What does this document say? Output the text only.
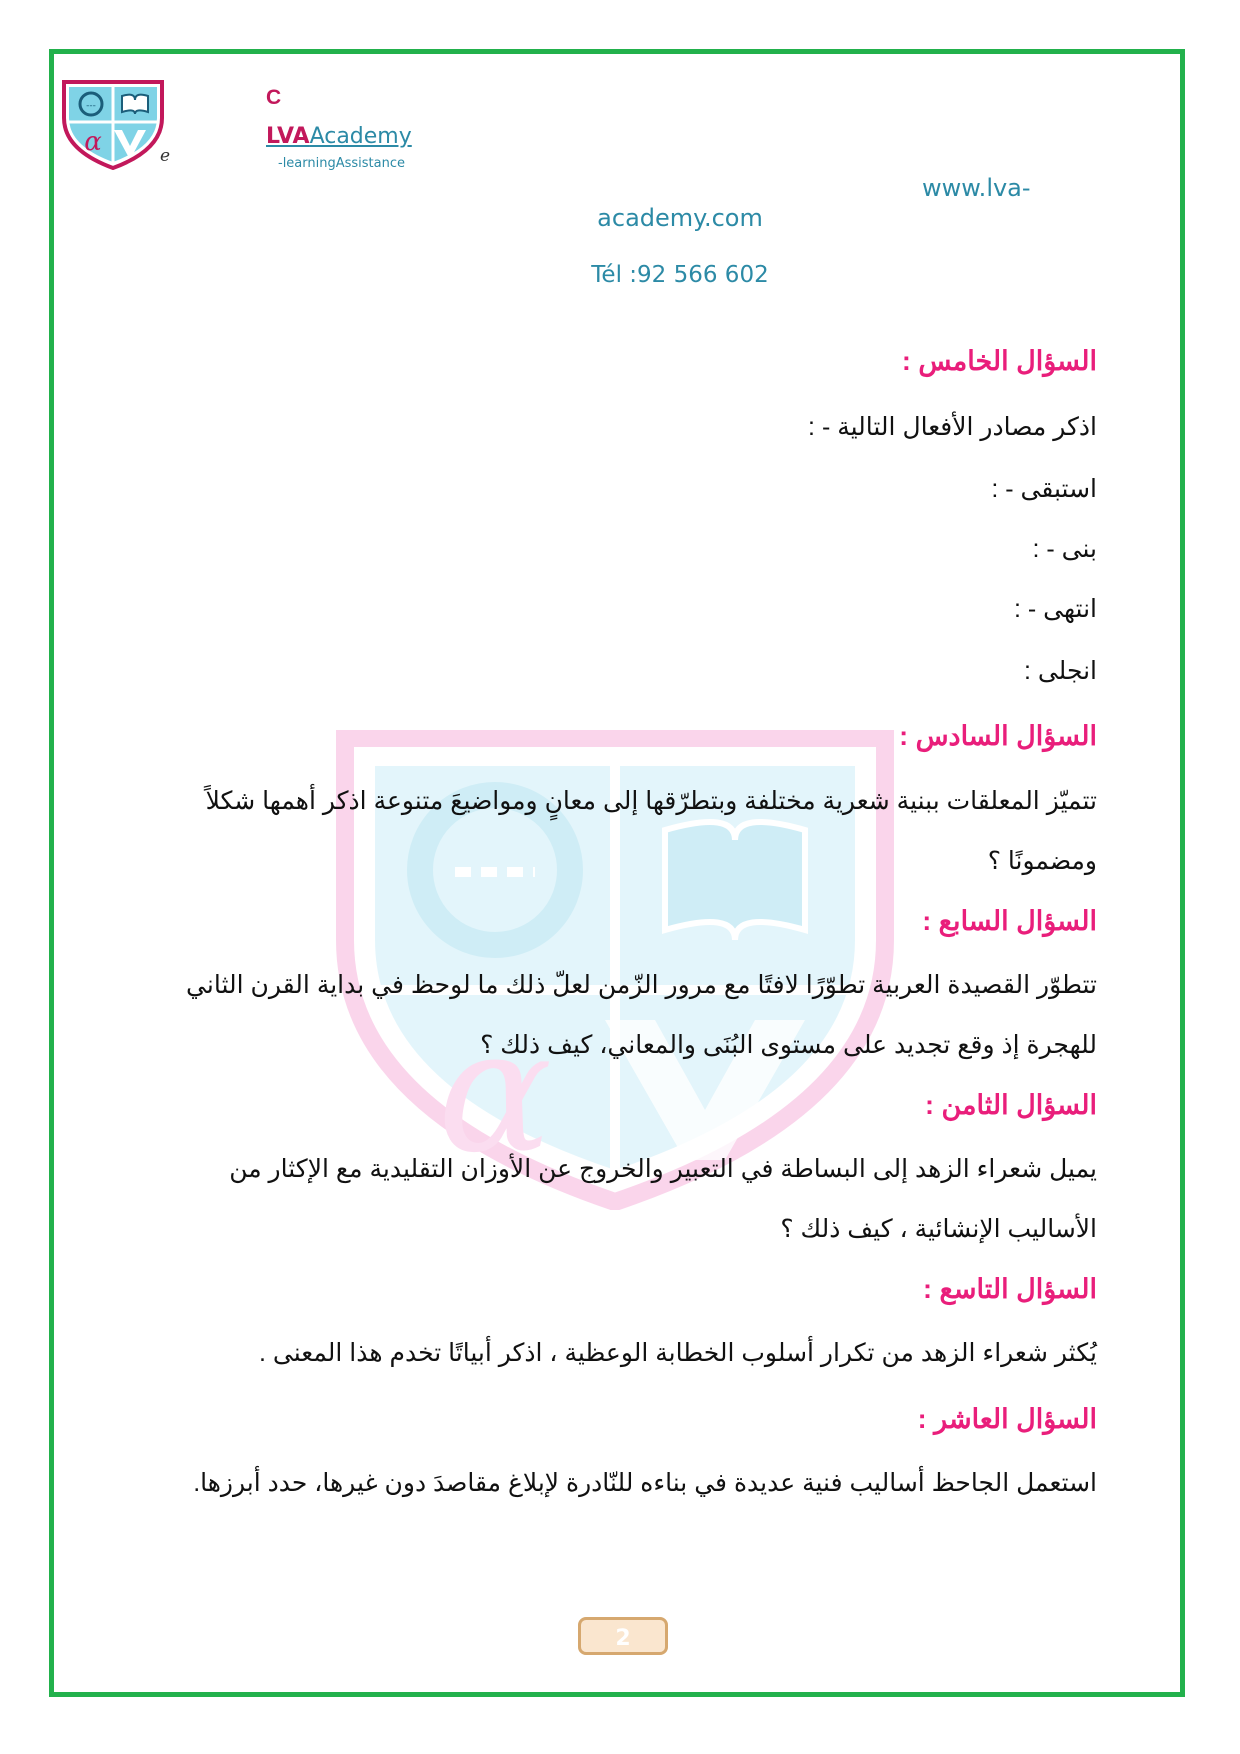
---
α	e
C
LVAAcademy
-learningAssistance
www.lva-
academy.com
Tél :92 566 602
α
السؤال الخامس :
اذكر مصادر الأفعال التالية - :
استبقى - :
بنى - :
انتهى - :
انجلى :
السؤال السادس :
تتميّز المعلقات ببنية شعرية مختلفة وبتطرّقها إلى معانٍ ومواضيعَ متنوعة اذكر أهمها شكلاً
ومضمونًا ؟
السؤال السابع :
تتطوّر القصيدة العربية تطوّرًا لافتًا مع مرور الزّمن لعلّ ذلك ما لوحظ في بداية القرن الثاني
للهجرة إذ وقع تجديد على مستوى البُنَى والمعاني، كيف ذلك ؟
السؤال الثامن :
يميل شعراء الزهد إلى البساطة في التعبير والخروج عن الأوزان التقليدية مع الإكثار من
الأساليب الإنشائية ، كيف ذلك ؟
السؤال التاسع :
يُكثر شعراء الزهد من تكرار أسلوب الخطابة الوعظية ، اذكر أبياتًا تخدم هذا المعنى .
السؤال العاشر :
استعمل الجاحظ أساليب فنية عديدة في بناءه للنّادرة لإبلاغ مقاصدَ دون غيرها، حدد أبرزها.
2
